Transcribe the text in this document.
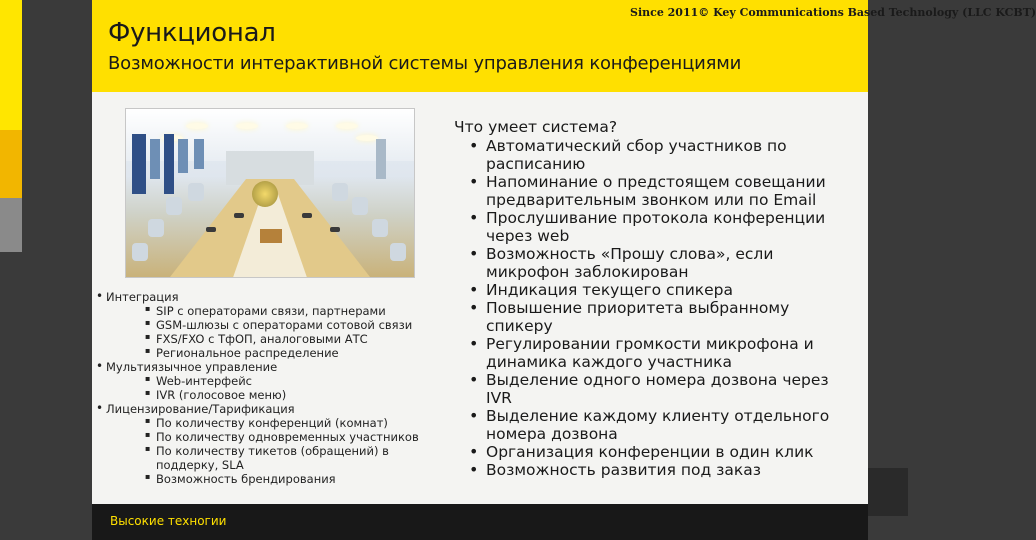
Функционал

Возможности интерактивной системы управления конференциями

Since 2011© Key Communications Based Technology (LLC KCBT)
• Интеграция
▪ SIP с операторами связи, партнерами
▪ GSM-шлюзы с операторами сотовой связи
▪ FXS/FXO с ТфОП, аналоговыми АТС
▪ Региональное распределение
• Мультиязычное управление
▪ Web-интерфейс
▪ IVR (голосовое меню)
• Лицензирование/Тарификация
▪ По количеству конференций (комнат)
▪ По количеству одновременных участников
▪ По количеству тикетов (обращений) в
поддерку, SLA
▪ Возможность брендирования
Что умеет система?
• Автоматический сбор участников по
расписанию
• Напоминание о предстоящем совещании
предварительным звонком или по Email
• Прослушивание протокола конференции
через web
• Возможность «Прошу слова», если
микрофон заблокирован
• Индикация текущего спикера
• Повышение приоритета выбранному
спикеру
• Регулировании громкости микрофона и
динамика каждого участника
• Выделение одного номера дозвона через
IVR
• Выделение каждому клиенту отдельного
номера дозвона
• Организация конференции в один клик
• Возможность развития под заказ
Высокие техногии
